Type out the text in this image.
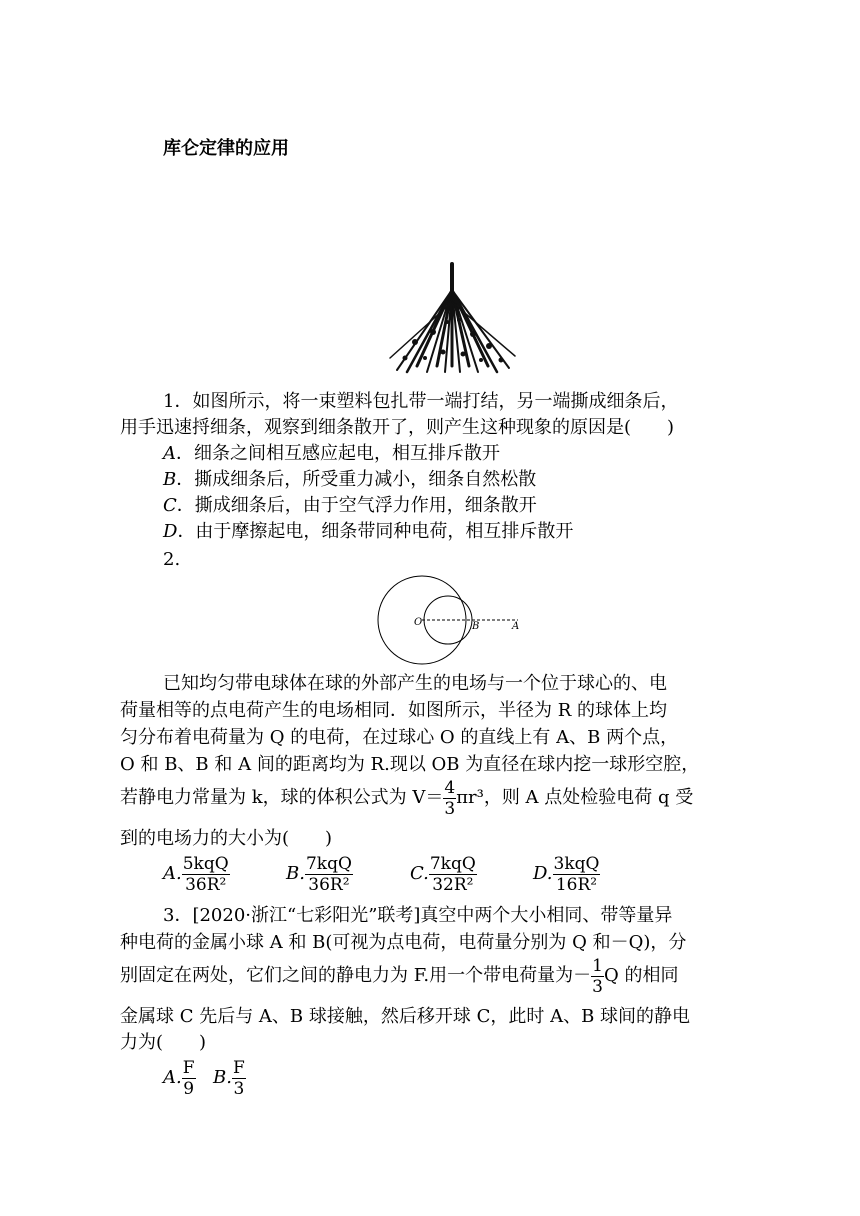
库仑定律的应用
1．如图所示，将一束塑料包扎带一端打结，另一端撕成细条后，
用手迅速捋细条，观察到细条散开了，则产生这种现象的原因是(　　)
A．细条之间相互感应起电，相互排斥散开
B．撕成细条后，所受重力减小，细条自然松散
C．撕成细条后，由于空气浮力作用，细条散开
D．由于摩擦起电，细条带同种电荷，相互排斥散开
2.
O	B	A
已知均匀带电球体在球的外部产生的电场与一个位于球心的、电
荷量相等的点电荷产生的电场相同．如图所示，半径为 R 的球体上均
匀分布着电荷量为 Q 的电荷，在过球心 O 的直线上有 A、B 两个点，
O 和 B、B 和 A 间的距离均为 R.现以 OB 为直径在球内挖一球形空腔，
若静电力常量为 k，球的体积公式为 $V= \frac{4}{3} \pi r^3$，则 A 点处检验电荷 q 受
到的电场力的大小为(　　)
A. $\frac{\text{5kqQ}}{\text{36R²}}$	B. $\frac{\text{7kqQ}}{\text{36R²}}$	C. $\frac{\text{7kqQ}}{\text{32R²}}$	D. $\frac{\text{3kqQ}}{\text{16R²}}$
3．[2020·浙江“七彩阳光”联考]真空中两个大小相同、带等量异
种电荷的金属小球 A 和 B(可视为点电荷，电荷量分别为 Q 和－Q)，分
别固定在两处，它们之间的静电力为 F.用一个带电荷量为－ $\frac{1}{3}$ Q 的相同
金属球 C 先后与 A、B 球接触，然后移开球 C，此时 A、B 球间的静电
力为(　　)
A. $\frac{F}{9} B$. $\frac{F}{3}$
